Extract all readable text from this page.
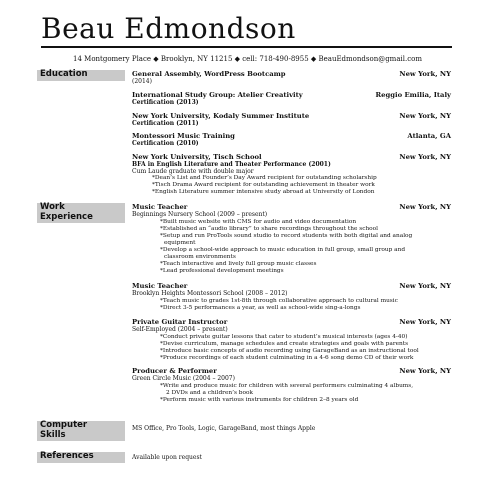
Beau Edmondson
14 Montgomery Place ◆ Brooklyn, NY 11215 ◆ cell: 718-490-8955 ◆ BeauEdmondson@gmail.com
Education	General Assembly, WordPress Bootcamp	New York, NY
(2014)
International Study Group: Atelier Creativity	Reggio Emilia, Italy
Certification (2013)
New York University, Kodaly Summer Institute	New York, NY
Certification (2011)
Montessori Music Training	Atlanta, GA
Certification (2010)
New York University, Tisch School	New York, NY
BFA in English Literature and Theater Performance (2001)
Cum Laude graduate with double major
*Dean’s List and Founder’s Day Award recipient for outstanding scholarship
*Tisch Drama Award recipient for outstanding achievement in theater work
*English Literature summer intensive study abroad at University of London
Work
Experience
Music Teacher	New York, NY
Beginnings Nursery School (2009 – present)
*Built music website with CMS for audio and video documentation
*Established an “audio library” to share recordings throughout the school
*Setup and run ProTools sound studio to record students with both digital and analog
equipment
*Develop a school-wide approach to music education in full group, small group and
classroom environments
*Teach interactive and lively full group music classes
*Lead professional development meetings
Music Teacher	New York, NY
Brooklyn Heights Montessori School (2008 – 2012)
*Teach music to grades 1st-8th through collaborative approach to cultural music
*Direct 3-5 performances a year, as well as school-wide sing-a-longs
Private Guitar Instructor	New York, NY
Self-Employed (2004 – present)
*Conduct private guitar lessons that cater to student’s musical interests (ages 4-40)
*Devise curriculum, manage schedules and create strategies and goals with parents
*Introduce basic concepts of audio recording using GarageBand as an instructional tool
*Produce recordings of each student culminating in a 4-6 song demo CD of their work
Producer & Performer	New York, NY
Green Circle Music (2004 – 2007)
*Write and produce music for children with several performers culminating 4 albums,
2 DVDs and a children’s book
*Perform music with various instruments for children 2–8 years old
Computer
Skills
MS Office, Pro Tools, Logic, GarageBand, most things Apple
References	Available upon request
